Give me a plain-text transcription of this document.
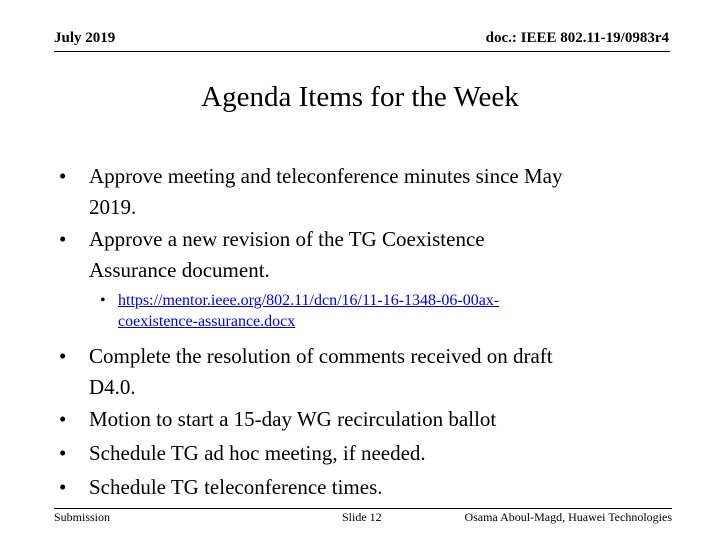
July 2019	doc.: IEEE 802.11-19/0983r4
Agenda Items for the Week
• Approve meeting and teleconference minutes since May
2019.
• Approve a new revision of the TG Coexistence
Assurance document.
• https://mentor.ieee.org/802.11/dcn/16/11-16-1348-06-00ax-
coexistence-assurance.docx
• Complete the resolution of comments received on draft
D4.0.
• Motion to start a 15-day WG recirculation ballot
• Schedule TG ad hoc meeting, if needed.
• Schedule TG teleconference times.
Submission	Slide 12	Osama Aboul-Magd, Huawei Technologies
